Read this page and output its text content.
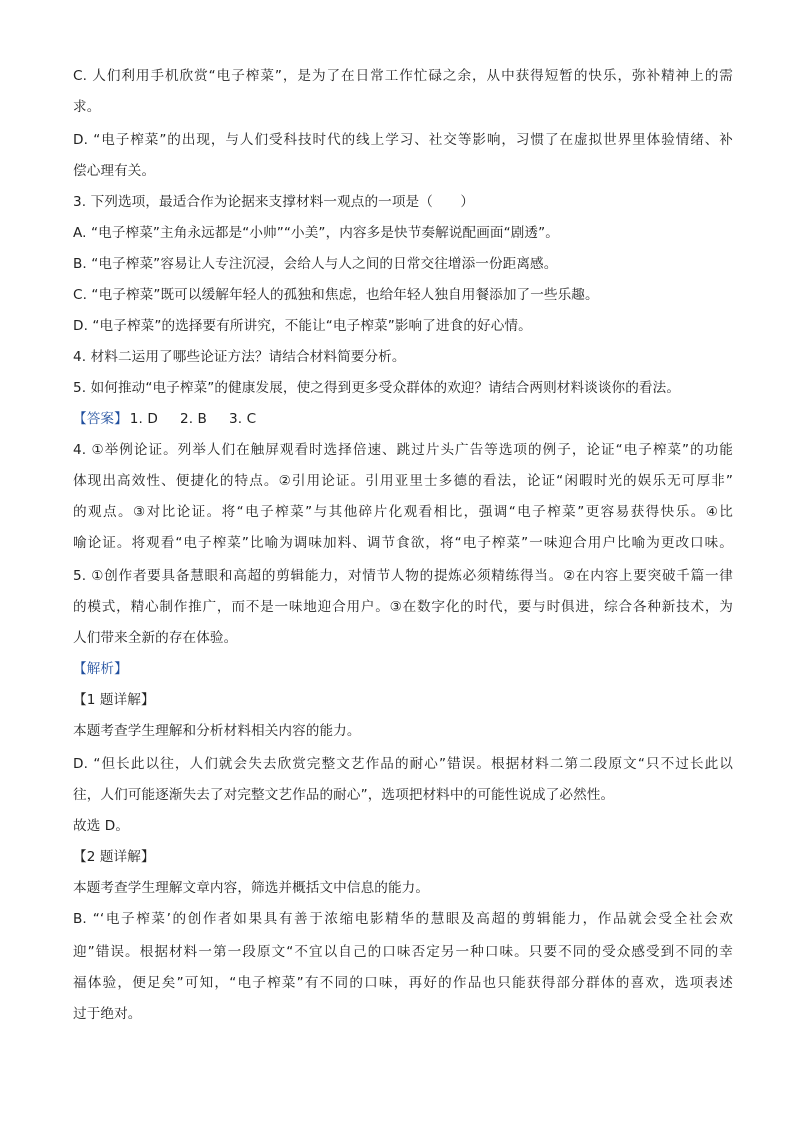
C. 人们利用手机欣赏“电子榨菜”，是为了在日常工作忙碌之余，从中获得短暂的快乐，弥补精神上的需
求。
D. “电子榨菜”的出现，与人们受科技时代的线上学习、社交等影响，习惯了在虚拟世界里体验情绪、补
偿心理有关。
3. 下列选项，最适合作为论据来支撑材料一观点的一项是（　　）
A. “电子榨菜”主角永远都是“小帅”“小美”，内容多是快节奏解说配画面“剧透”。
B. “电子榨菜”容易让人专注沉浸，会给人与人之间的日常交往增添一份距离感。
C. “电子榨菜”既可以缓解年轻人的孤独和焦虑，也给年轻人独自用餐添加了一些乐趣。
D. “电子榨菜”的选择要有所讲究，不能让“电子榨菜”影响了进食的好心情。
4. 材料二运用了哪些论证方法？请结合材料简要分析。
5. 如何推动“电子榨菜”的健康发展，使之得到更多受众群体的欢迎？请结合两则材料谈谈你的看法。
【答案】 1. D 2. B 3. C
4. ①举例论证。列举人们在触屏观看时选择倍速、跳过片头广告等选项的例子，论证“电子榨菜”的功能
体现出高效性、便捷化的特点。②引用论证。引用亚里士多德的看法，论证“闲暇时光的娱乐无可厚非”
的观点。③对比论证。将“电子榨菜”与其他碎片化观看相比，强调“电子榨菜”更容易获得快乐。④比
喻论证。将观看“电子榨菜”比喻为调味加料、调节食欲，将“电子榨菜”一味迎合用户比喻为更改口味。
5. ①创作者要具备慧眼和高超的剪辑能力，对情节人物的提炼必须精练得当。②在内容上要突破千篇一律
的模式，精心制作推广，而不是一味地迎合用户。③在数字化的时代，要与时俱进，综合各种新技术，为
人们带来全新的存在体验。
【解析】
【1 题详解】
本题考查学生理解和分析材料相关内容的能力。
D. “但长此以往，人们就会失去欣赏完整文艺作品的耐心”错误。根据材料二第二段原文“只不过长此以
往，人们可能逐渐失去了对完整文艺作品的耐心”，选项把材料中的可能性说成了必然性。
故选 D。
【2 题详解】
本题考查学生理解文章内容，筛选并概括文中信息的能力。
B. “‘电子榨菜’的创作者如果具有善于浓缩电影精华的慧眼及高超的剪辑能力，作品就会受全社会欢
迎”错误。根据材料一第一段原文“不宜以自己的口味否定另一种口味。只要不同的受众感受到不同的幸
福体验，便足矣”可知，“电子榨菜”有不同的口味，再好的作品也只能获得部分群体的喜欢，选项表述
过于绝对。
